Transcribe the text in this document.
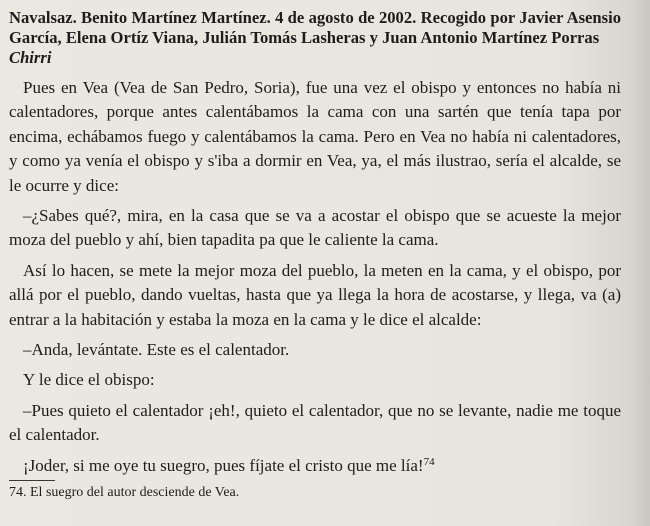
Navalsaz. Benito Martínez Martínez. 4 de agosto de 2002. Recogido por Javier Asensio García, Elena Ortíz Viana, Julián Tomás Lasheras y Juan Antonio Martínez Porras
Chirri

Pues en Vea (Vea de San Pedro, Soria), fue una vez el obispo y entonces no había ni calentadores, porque antes calentábamos la cama con una sartén que tenía tapa por encima, echábamos fuego y calentábamos la cama. Pero en Vea no había ni calentadores, y como ya venía el obispo y s'iba a dormir en Vea, ya, el más ilustrao, sería el alcalde, se le ocurre y dice:

–¿Sabes qué?, mira, en la casa que se va a acostar el obispo que se acueste la mejor moza del pueblo y ahí, bien tapadita pa que le caliente la cama.

Así lo hacen, se mete la mejor moza del pueblo, la meten en la cama, y el obispo, por allá por el pueblo, dando vueltas, hasta que ya llega la hora de acostarse, y llega, va (a) entrar a la habitación y estaba la moza en la cama y le dice el alcalde:

–Anda, levántate. Este es el calentador.

Y le dice el obispo:

–Pues quieto el calentador ¡eh!, quieto el calentador, que no se levante, nadie me toque el calentador.

¡Joder, si me oye tu suegro, pues fíjate el cristo que me lía!$^{74}$

74. El suegro del autor desciende de Vea.
